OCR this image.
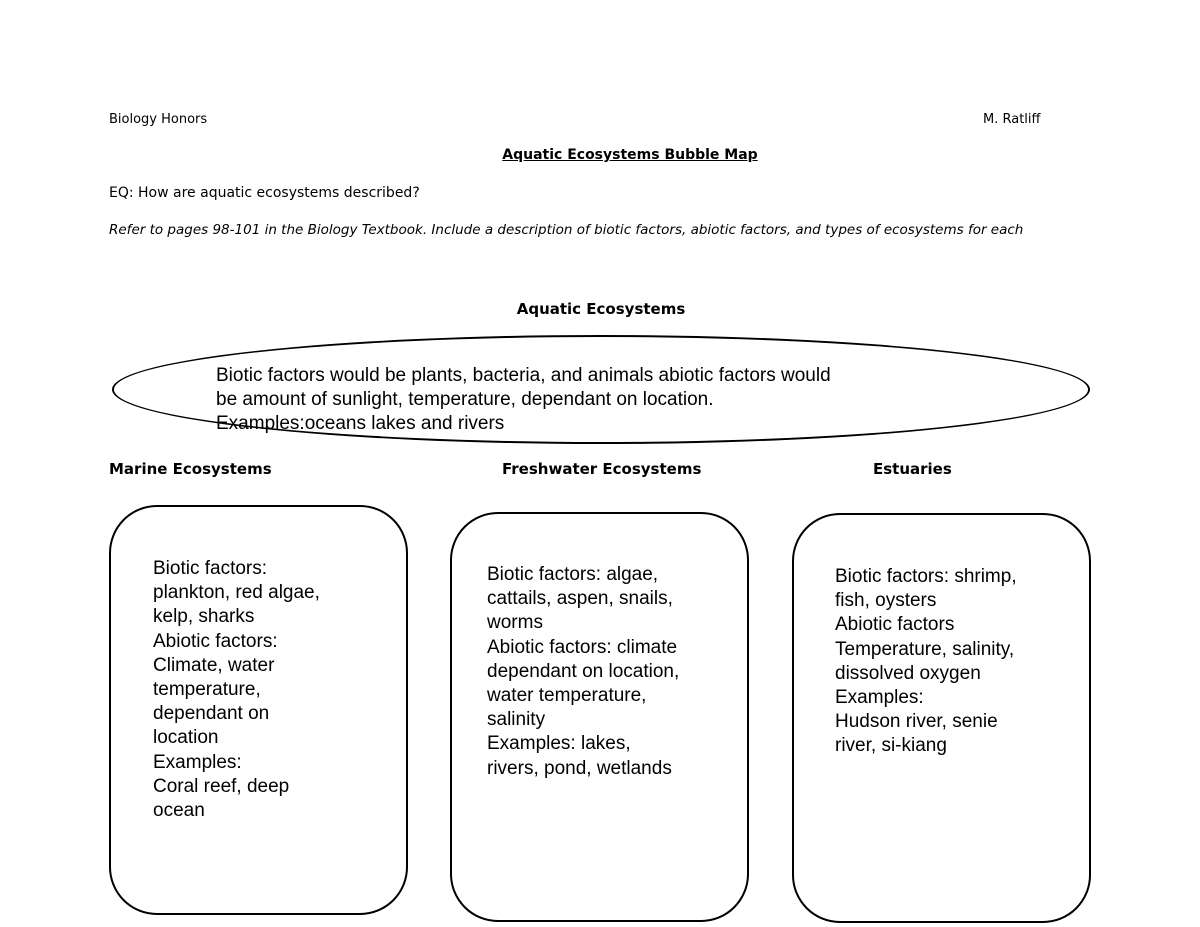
Biology Honors	M. Ratliff
Aquatic Ecosystems Bubble Map
EQ: How are aquatic ecosystems described?
Refer to pages 98-101 in the Biology Textbook. Include a description of biotic factors, abiotic factors, and types of ecosystems for each
Aquatic Ecosystems
Biotic factors would be plants, bacteria, and animals abiotic factors would
be amount of sunlight, temperature, dependant on location.
Examples:oceans lakes and rivers
Marine Ecosystems	Freshwater Ecosystems	Estuaries
Biotic factors:
plankton, red algae,
kelp, sharks
Abiotic factors:
Climate, water
temperature,
dependant on
location
Examples:
Coral reef, deep
ocean
Biotic factors: algae,
cattails, aspen, snails,
worms
Abiotic factors: climate
dependant on location,
water temperature,
salinity
Examples: lakes,
rivers, pond, wetlands
Biotic factors: shrimp,
fish, oysters
Abiotic factors
Temperature, salinity,
dissolved oxygen
Examples:
Hudson river, senie
river, si-kiang
